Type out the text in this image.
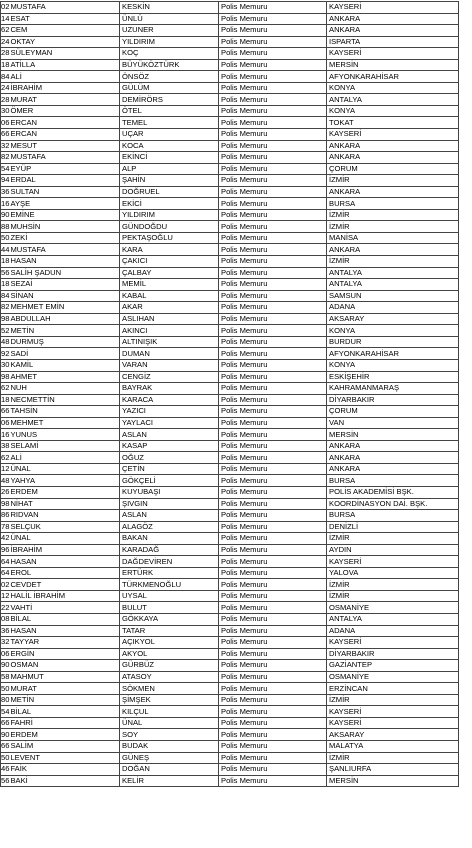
02MUSTAFA	KESKİN	Polis Memuru	KAYSERİ
14ESAT	ÜNLÜ	Polis Memuru	ANKARA
62CEM	UZUNER	Polis Memuru	ANKARA
24OKTAY	YILDIRIM	Polis Memuru	ISPARTA
28SÜLEYMAN	KOÇ	Polis Memuru	KAYSERİ
18ATİLLA	BÜYÜKÖZTÜRK	Polis Memuru	MERSİN
84ALİ	ÖNSÖZ	Polis Memuru	AFYONKARAHİSAR
24İBRAHİM	GÜLÜM	Polis Memuru	KONYA
28MURAT	DEMİRÖRS	Polis Memuru	ANTALYA
30ÖMER	ÖTEL	Polis Memuru	KONYA
06ERCAN	TEMEL	Polis Memuru	TOKAT
66ERCAN	UÇAR	Polis Memuru	KAYSERİ
32MESUT	KOCA	Polis Memuru	ANKARA
82MUSTAFA	EKİNCİ	Polis Memuru	ANKARA
54EYÜP	ALP	Polis Memuru	ÇORUM
94ERDAL	ŞAHİN	Polis Memuru	İZMİR
36SULTAN	DOĞRUEL	Polis Memuru	ANKARA
16AYŞE	EKİCİ	Polis Memuru	BURSA
90EMİNE	YILDIRIM	Polis Memuru	İZMİR
88MUHSİN	GÜNDOĞDU	Polis Memuru	İZMİR
50ZEKİ	PEKTAŞOĞLU	Polis Memuru	MANİSA
44MUSTAFA	KARA	Polis Memuru	ANKARA
18HASAN	ÇAKICI	Polis Memuru	İZMİR
56SALİH ŞADUN	ÇALBAY	Polis Memuru	ANTALYA
18SEZAİ	MEMİL	Polis Memuru	ANTALYA
84SİNAN	KABAL	Polis Memuru	SAMSUN
82MEHMET EMİN	AKAR	Polis Memuru	ADANA
98ABDULLAH	ASLIHAN	Polis Memuru	AKSARAY
52METİN	AKINCI	Polis Memuru	KONYA
48DURMUŞ	ALTINIŞIK	Polis Memuru	BURDUR
92SADİ	DUMAN	Polis Memuru	AFYONKARAHİSAR
30KAMİL	VARAN	Polis Memuru	KONYA
98AHMET	CENGİZ	Polis Memuru	ESKİŞEHİR
62NUH	BAYRAK	Polis Memuru	KAHRAMANMARAŞ
18NECMETTİN	KARACA	Polis Memuru	DİYARBAKIR
66TAHSİN	YAZICI	Polis Memuru	ÇORUM
06MEHMET	YAYLACI	Polis Memuru	VAN
16YUNUS	ASLAN	Polis Memuru	MERSİN
38SELAMİ	KASAP	Polis Memuru	ANKARA
62ALİ	OĞUZ	Polis Memuru	ANKARA
12ÜNAL	ÇETİN	Polis Memuru	ANKARA
48YAHYA	GÖKÇELİ	Polis Memuru	BURSA
26ERDEM	KUYUBAŞI	Polis Memuru	POLİS AKADEMİSİ BŞK.
98NİHAT	ŞIVGIN	Polis Memuru	KOORDİNASYON DAİ. BŞK.
86RIDVAN	ASLAN	Polis Memuru	BURSA
78SELÇUK	ALAGÖZ	Polis Memuru	DENİZLİ
42ÜNAL	BAKAN	Polis Memuru	İZMİR
96İBRAHİM	KARADAĞ	Polis Memuru	AYDIN
64HASAN	DAĞDEVİREN	Polis Memuru	KAYSERİ
64EROL	ERTÜRK	Polis Memuru	YALOVA
02CEVDET	TÜRKMENOĞLU	Polis Memuru	İZMİR
12HALİL İBRAHİM	UYSAL	Polis Memuru	İZMİR
22VAHTİ	BULUT	Polis Memuru	OSMANİYE
08BİLAL	GÖKKAYA	Polis Memuru	ANTALYA
36HASAN	TATAR	Polis Memuru	ADANA
32TAYYAR	AÇIKYOL	Polis Memuru	KAYSERİ
06ERGİN	AKYOL	Polis Memuru	DİYARBAKIR
90OSMAN	GÜRBÜZ	Polis Memuru	GAZİANTEP
58MAHMUT	ATASOY	Polis Memuru	OSMANİYE
50MURAT	SÖKMEN	Polis Memuru	ERZİNCAN
80METİN	ŞİMŞEK	Polis Memuru	İZMİR
54BİLAL	KILÇUL	Polis Memuru	KAYSERİ
66FAHRİ	ÜNAL	Polis Memuru	KAYSERİ
90ERDEM	SOY	Polis Memuru	AKSARAY
66SALİM	BUDAK	Polis Memuru	MALATYA
50LEVENT	GÜNEŞ	Polis Memuru	İZMİR
46FAİK	DOĞAN	Polis Memuru	ŞANLIURFA
56BAKİ	KELİR	Polis Memuru	MERSİN
